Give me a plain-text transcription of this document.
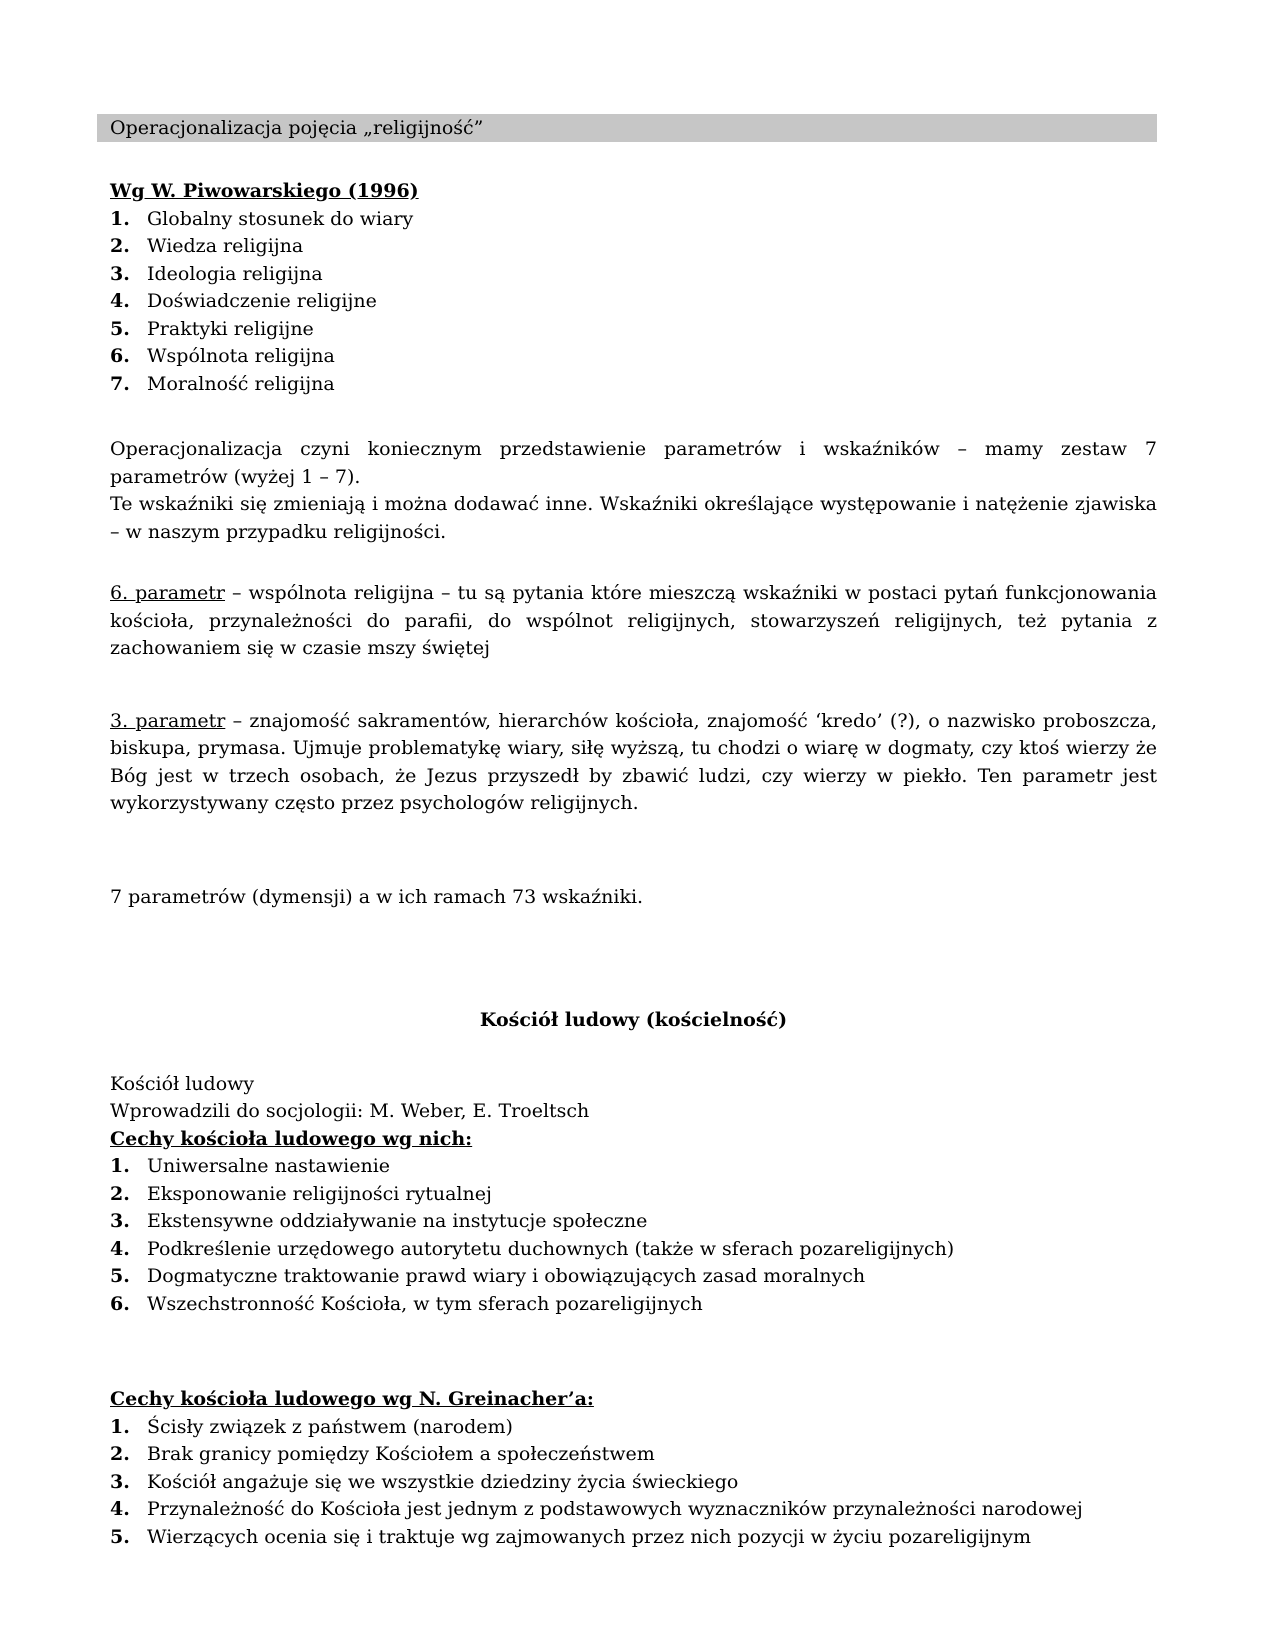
Operacjonalizacja pojęcia „religijność”
Wg W. Piwowarskiego (1996)
1. Globalny stosunek do wiary
2. Wiedza religijna
3. Ideologia religijna
4. Doświadczenie religijne
5. Praktyki religijne
6. Wspólnota religijna
7. Moralność religijna

Operacjonalizacja czyni koniecznym przedstawienie parametrów i wskaźników – mamy zestaw 7 parametrów (wyżej 1 – 7).

Te wskaźniki się zmieniają i można dodawać inne. Wskaźniki określające występowanie i natężenie zjawiska – w naszym przypadku religijności.

6. parametr – wspólnota religijna – tu są pytania które mieszczą wskaźniki w postaci pytań funkcjonowania kościoła, przynależności do parafii, do wspólnot religijnych, stowarzyszeń religijnych, też pytania z zachowaniem się w czasie mszy świętej

3. parametr – znajomość sakramentów, hierarchów kościoła, znajomość ‘kredo’ (?), o nazwisko proboszcza, biskupa, prymasa. Ujmuje problematykę wiary, siłę wyższą, tu chodzi o wiarę w dogmaty, czy ktoś wierzy że Bóg jest w trzech osobach, że Jezus przyszedł by zbawić ludzi, czy wierzy w piekło. Ten parametr jest wykorzystywany często przez psychologów religijnych.

7 parametrów (dymensji) a w ich ramach 73 wskaźniki.

Kościół ludowy (kościelność)

Kościół ludowy

Wprowadzili do socjologii: M. Weber, E. Troeltsch

Cechy kościoła ludowego wg nich:
1. Uniwersalne nastawienie
2. Eksponowanie religijności rytualnej
3. Ekstensywne oddziaływanie na instytucje społeczne
4. Podkreślenie urzędowego autorytetu duchownych (także w sferach pozareligijnych)
5. Dogmatyczne traktowanie prawd wiary i obowiązujących zasad moralnych
6. Wszechstronność Kościoła, w tym sferach pozareligijnych
Cechy kościoła ludowego wg N. Greinacher’a:
1. Ścisły związek z państwem (narodem)
2. Brak granicy pomiędzy Kościołem a społeczeństwem
3. Kościół angażuje się we wszystkie dziedziny życia świeckiego
4. Przynależność do Kościoła jest jednym z podstawowych wyznaczników przynależności narodowej
5. Wierzących ocenia się i traktuje wg zajmowanych przez nich pozycji w życiu pozareligijnym
